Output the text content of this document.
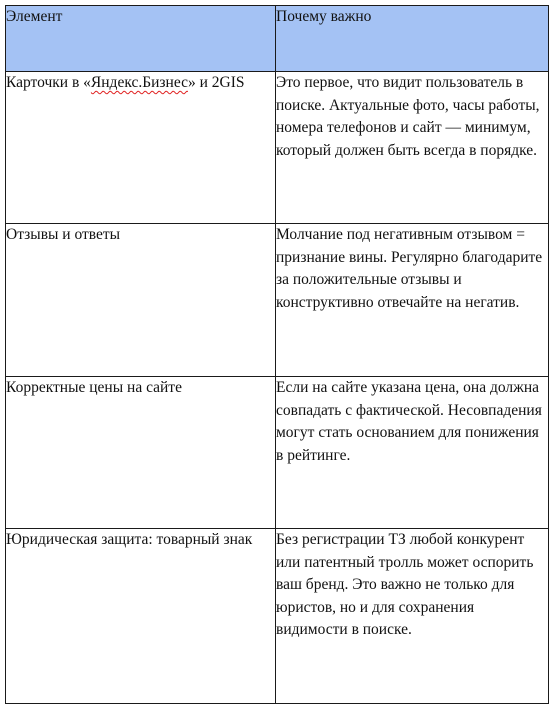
Элемент	Почему важно
Карточки в «Яндекс.Бизнес» и 2GIS	Это первое, что видит пользователь в поиске. Актуальные фото, часы работы, номера телефонов и сайт — минимум, который должен быть всегда в порядке.
Отзывы и ответы	Молчание под негативным отзывом = признание вины. Регулярно благодарите за положительные отзывы и конструктивно отвечайте на негатив.
Корректные цены на сайте	Если на сайте указана цена, она должна совпадать с фактической. Несовпадения могут стать основанием для понижения в рейтинге.
Юридическая защита: товарный знак	Без регистрации ТЗ любой конкурент или патентный тролль может оспорить ваш бренд. Это важно не только для юристов, но и для сохранения видимости в поиске.
